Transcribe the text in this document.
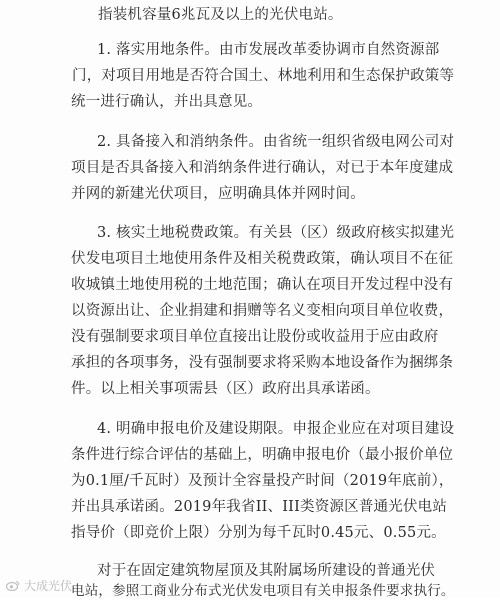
指装机容量6兆瓦及以上的光伏电站。
1. 落实用地条件。由市发展改革委协调市自然资源部
门，对项目用地是否符合国土、林地利用和生态保护政策等
统一进行确认，并出具意见。
2. 具备接入和消纳条件。由省统一组织省级电网公司对
项目是否具备接入和消纳条件进行确认，对已于本年度建成
并网的新建光伏项目，应明确具体并网时间。
3. 核实土地税费政策。有关县（区）级政府核实拟建光
伏发电项目土地使用条件及相关税费政策，确认项目不在征
收城镇土地使用税的土地范围；确认在项目开发过程中没有
以资源出让、企业捐建和捐赠等名义变相向项目单位收费，
没有强制要求项目单位直接出让股份或收益用于应由政府
承担的各项事务，没有强制要求将采购本地设备作为捆绑条
件。以上相关事项需县（区）政府出具承诺函。
4. 明确申报电价及建设期限。申报企业应在对项目建设
条件进行综合评估的基础上，明确申报电价（最小报价单位
为0.1厘/千瓦时）及预计全容量投产时间（2019年底前），
并出具承诺函。2019年我省II、III类资源区普通光伏电站
指导价（即竞价上限）分别为每千瓦时0.45元、0.55元。
对于在固定建筑物屋顶及其附属场所建设的普通光伏
电站，参照工商业分布式光伏发电项目有关申报条件要求执行。
大成光伏
